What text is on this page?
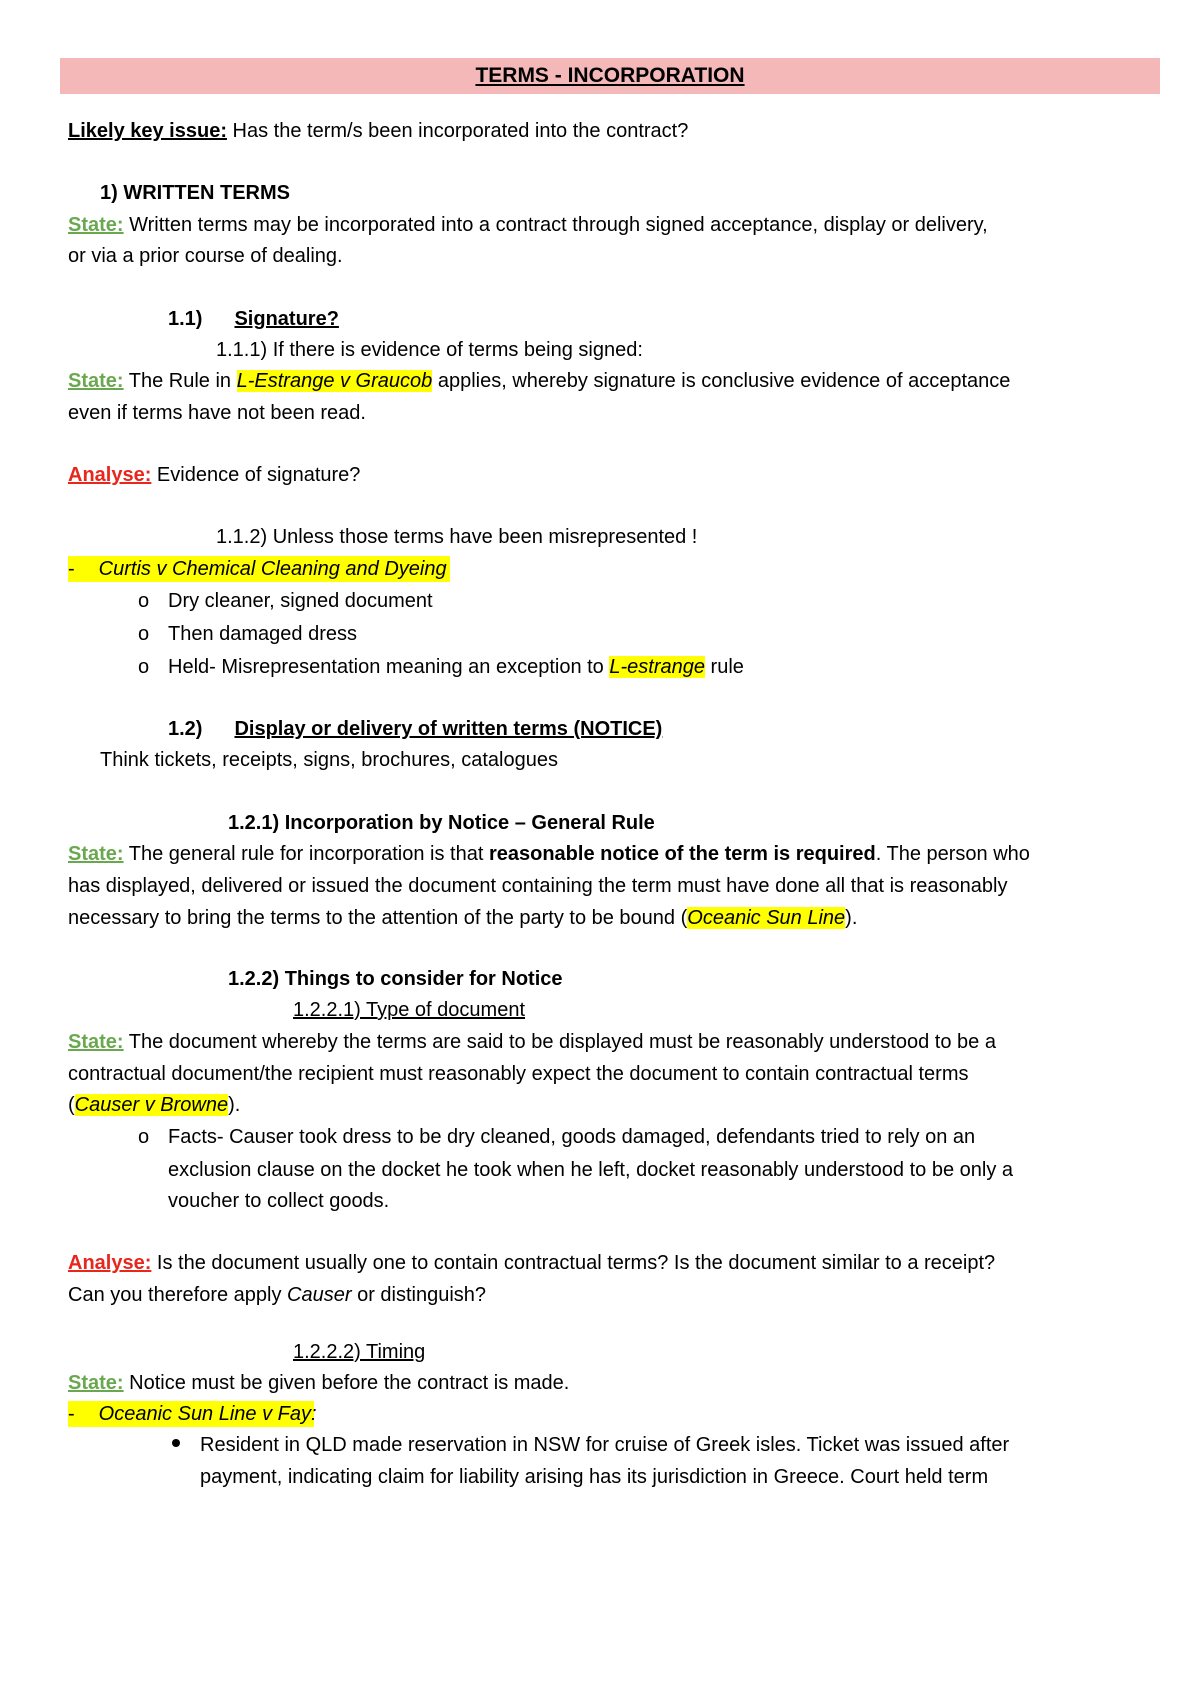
TERMS - INCORPORATION
Likely key issue: Has the term/s been incorporated into the contract?
1) WRITTEN TERMS
State: Written terms may be incorporated into a contract through signed acceptance, display or delivery,
or via a prior course of dealing.
1.1) Signature?
1.1.1) If there is evidence of terms being signed:
State: The Rule in L-Estrange v Graucob applies, whereby signature is conclusive evidence of acceptance
even if terms have not been read.
Analyse: Evidence of signature?
1.1.2) Unless those terms have been misrepresented !
- Curtis v Chemical Cleaning and Dyeing
o Dry cleaner, signed document
o Then damaged dress
o Held- Misrepresentation meaning an exception to L-estrange rule
1.2) Display or delivery of written terms (NOTICE)
Think tickets, receipts, signs, brochures, catalogues
1.2.1) Incorporation by Notice – General Rule
State: The general rule for incorporation is that reasonable notice of the term is required. The person who
has displayed, delivered or issued the document containing the term must have done all that is reasonably
necessary to bring the terms to the attention of the party to be bound (Oceanic Sun Line).
1.2.2) Things to consider for Notice
1.2.2.1) Type of document
State: The document whereby the terms are said to be displayed must be reasonably understood to be a
contractual document/the recipient must reasonably expect the document to contain contractual terms
(Causer v Browne).
o Facts- Causer took dress to be dry cleaned, goods damaged, defendants tried to rely on an
exclusion clause on the docket he took when he left, docket reasonably understood to be only a
voucher to collect goods.
Analyse: Is the document usually one to contain contractual terms? Is the document similar to a receipt?
Can you therefore apply Causer or distinguish?
1.2.2.2) Timing
State: Notice must be given before the contract is made.
- Oceanic Sun Line v Fay:
Resident in QLD made reservation in NSW for cruise of Greek isles. Ticket was issued after
payment, indicating claim for liability arising has its jurisdiction in Greece. Court held term
